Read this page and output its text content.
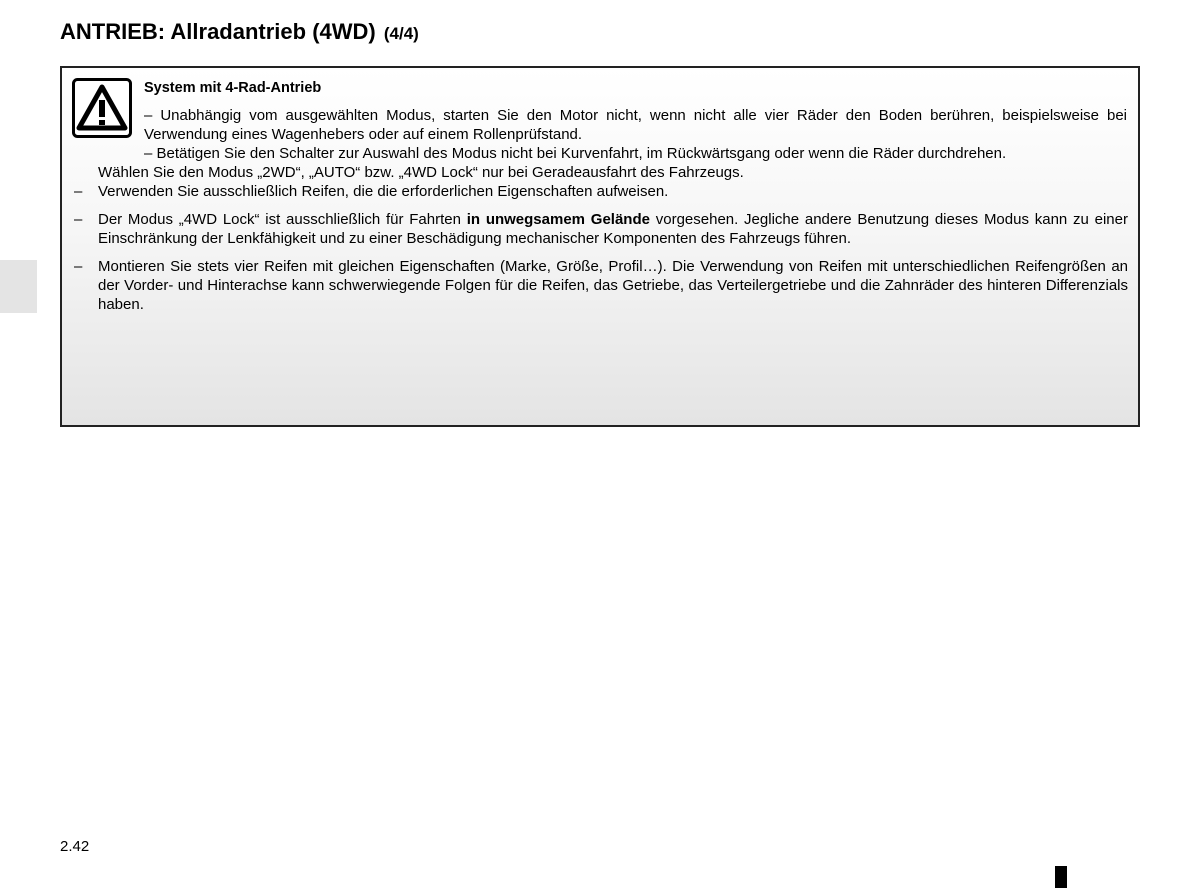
ANTRIEB: Allradantrieb (4WD) (4/4)
System mit 4-Rad-Antrieb

– Unabhängig vom ausgewählten Modus, starten Sie den Motor nicht, wenn nicht alle vier Räder den Boden berühren, beispielsweise bei Verwendung eines Wagenhebers oder auf einem Rollenprüfstand.

– Betätigen Sie den Schalter zur Auswahl des Modus nicht bei Kurvenfahrt, im Rückwärtsgang oder wenn die Räder durchdrehen.
Wählen Sie den Modus „2WD“, „AUTO“ bzw. „4WD Lock“ nur bei Geradeausfahrt des Fahrzeugs.
– Verwenden Sie ausschließlich Reifen, die die erforderlichen Eigenschaften aufweisen.
– Der Modus „4WD Lock“ ist ausschließlich für Fahrten in unwegsamem Gelände vorgesehen. Jegliche andere Benutzung dieses Modus kann zu einer Einschränkung der Lenkfähigkeit und zu einer Beschädigung mechanischer Komponenten des Fahrzeugs führen.
– Montieren Sie stets vier Reifen mit gleichen Eigenschaften (Marke, Größe, Profil…). Die Verwendung von Reifen mit unterschiedlichen Reifengrößen an der Vorder- und Hinterachse kann schwerwiegende Folgen für die Reifen, das Getriebe, das Verteilergetriebe und die Zahnräder des hinteren Differenzials haben.
2.42
